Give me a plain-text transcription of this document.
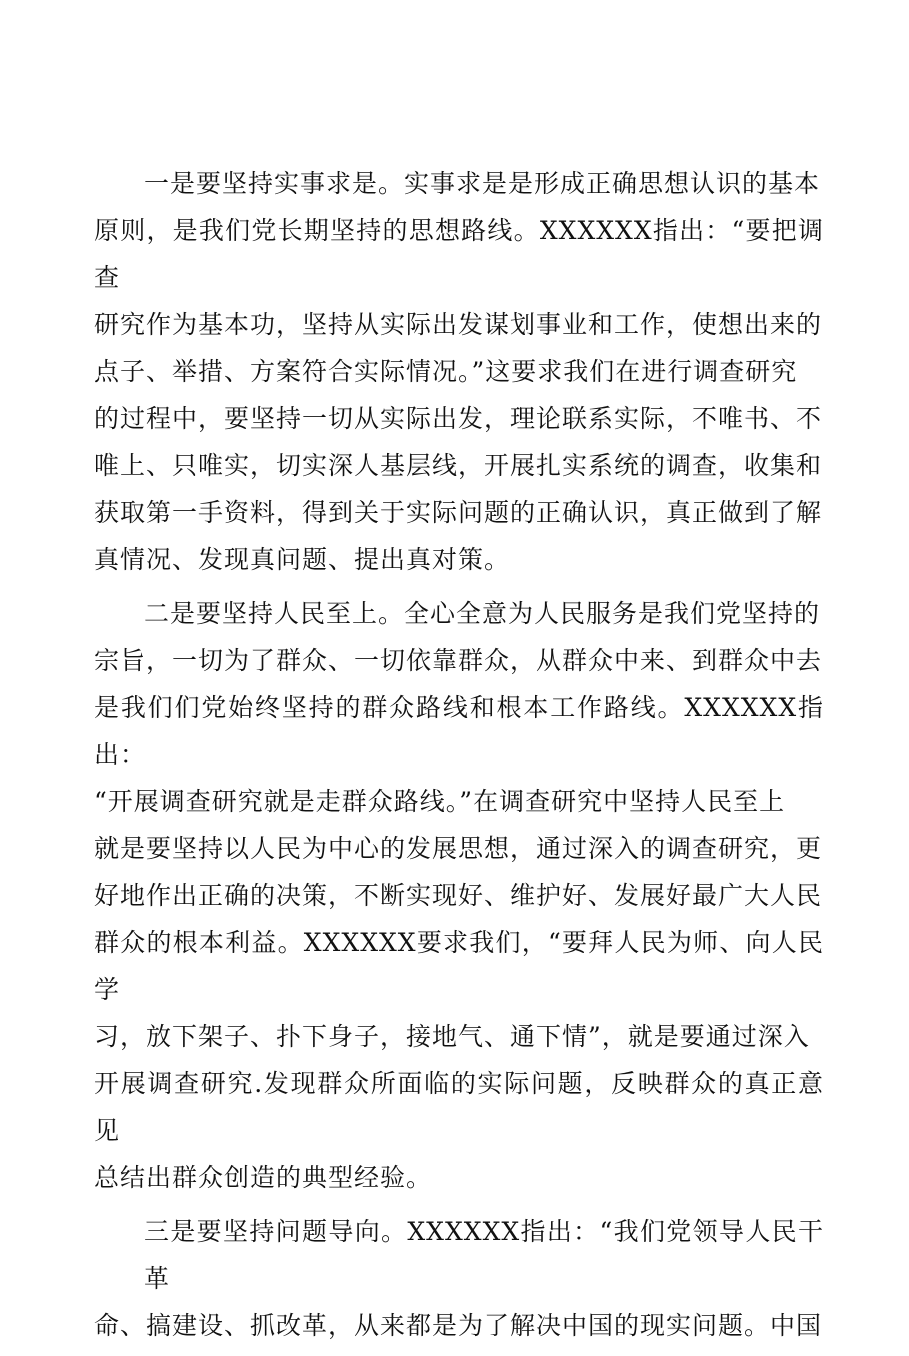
一是要坚持实事求是。实事求是是形成正确思想认识的基本
原则，是我们党长期坚持的思想路线。XXXXXX指出：“要把调查
研究作为基本功，坚持从实际出发谋划事业和工作，使想出来的
点子、举措、方案符合实际情况。”这要求我们在进行调查研究
的过程中，要坚持一切从实际出发，理论联系实际，不唯书、不
唯上、只唯实，切实深人基层线，开展扎实系统的调查，收集和
获取第一手资料，得到关于实际问题的正确认识，真正做到了解
真情况、发现真问题、提出真对策。

二是要坚持人民至上。全心全意为人民服务是我们党坚持的
宗旨，一切为了群众、一切依靠群众，从群众中来、到群众中去
是我们们党始终坚持的群众路线和根本工作路线。XXXXXX指出：
“开展调查研究就是走群众路线。”在调查研究中坚持人民至上
就是要坚持以人民为中心的发展思想，通过深入的调查研究，更
好地作出正确的决策，不断实现好、维护好、发展好最广大人民
群众的根本利益。XXXXXX要求我们，“要拜人民为师、向人民学
习，放下架子、扑下身子，接地气、通下情”，就是要通过深入
开展调查研究.发现群众所面临的实际问题，反映群众的真正意见
总结出群众创造的典型经验。

三是要坚持问题导向。XXXXXX指出：“我们党领导人民干革
命、搞建设、抓改革，从来都是为了解决中国的现实问题。中国
